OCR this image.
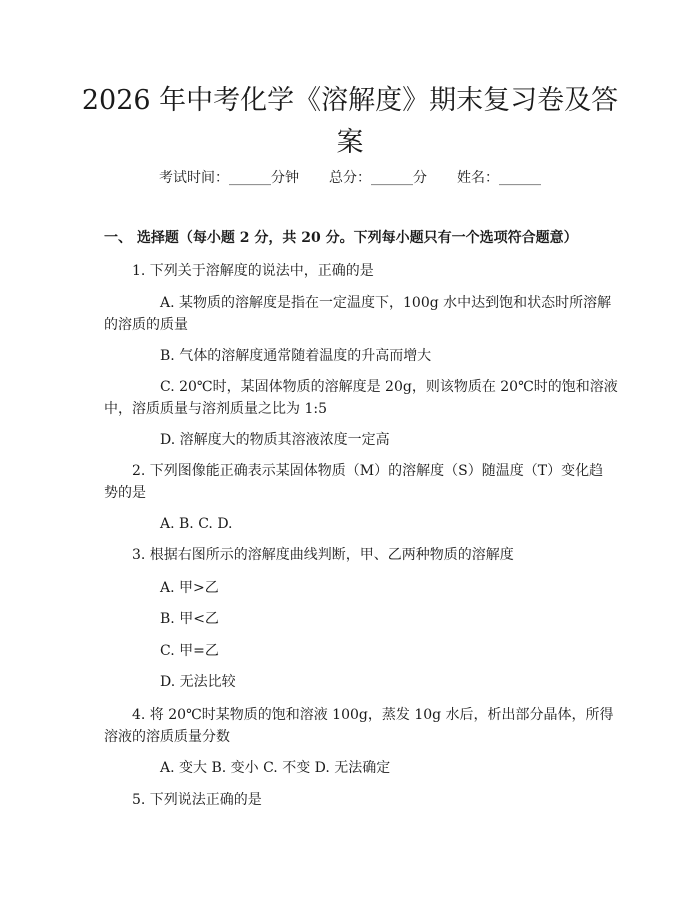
2026 年中考化学《溶解度》期末复习卷及答
案
考试时间：______分钟 总分：______分 姓名：______
一、 选择题（每小题 2 分，共 20 分。下列每小题只有一个选项符合题意）
1. 下列关于溶解度的说法中，正确的是
A. 某物质的溶解度是指在一定温度下，100g 水中达到饱和状态时所溶解
的溶质的质量
B. 气体的溶解度通常随着温度的升高而增大
C. 20℃时，某固体物质的溶解度是 20g，则该物质在 20℃时的饱和溶液
中，溶质质量与溶剂质量之比为 1:5
D. 溶解度大的物质其溶液浓度一定高
2. 下列图像能正确表示某固体物质（M）的溶解度（S）随温度（T）变化趋
势的是
A. B. C. D.
3. 根据右图所示的溶解度曲线判断，甲、乙两种物质的溶解度
A. 甲>乙
B. 甲<乙
C. 甲=乙
D. 无法比较
4. 将 20℃时某物质的饱和溶液 100g，蒸发 10g 水后，析出部分晶体，所得
溶液的溶质质量分数
A. 变大 B. 变小 C. 不变 D. 无法确定
5. 下列说法正确的是
